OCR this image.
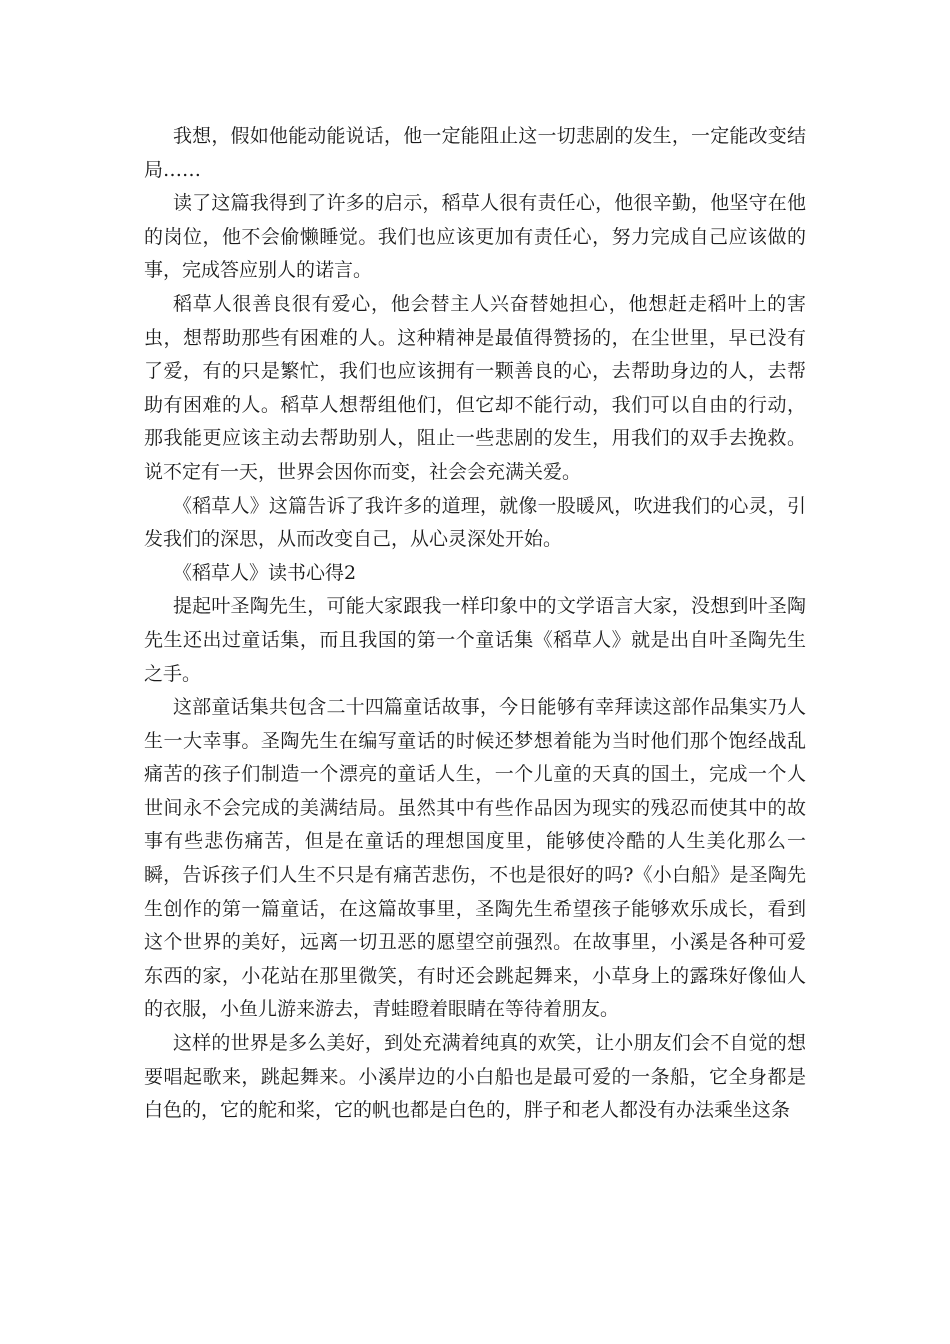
我想，假如他能动能说话，他一定能阻止这一切悲剧的发生，一定能改变结局……

读了这篇我得到了许多的启示，稻草人很有责任心，他很辛勤，他坚守在他的岗位，他不会偷懒睡觉。我们也应该更加有责任心，努力完成自己应该做的事，完成答应别人的诺言。

稻草人很善良很有爱心，他会替主人兴奋替她担心，他想赶走稻叶上的害虫，想帮助那些有困难的人。这种精神是最值得赞扬的，在尘世里，早已没有了爱，有的只是繁忙，我们也应该拥有一颗善良的心，去帮助身边的人，去帮助有困难的人。稻草人想帮组他们，但它却不能行动，我们可以自由的行动，那我能更应该主动去帮助别人，阻止一些悲剧的发生，用我们的双手去挽救。说不定有一天，世界会因你而变，社会会充满关爱。

《稻草人》这篇告诉了我许多的道理，就像一股暖风，吹进我们的心灵，引发我们的深思，从而改变自己，从心灵深处开始。

《稻草人》读书心得2

提起叶圣陶先生，可能大家跟我一样印象中的文学语言大家，没想到叶圣陶先生还出过童话集，而且我国的第一个童话集《稻草人》就是出自叶圣陶先生之手。

这部童话集共包含二十四篇童话故事，今日能够有幸拜读这部作品集实乃人生一大幸事。圣陶先生在编写童话的时候还梦想着能为当时他们那个饱经战乱痛苦的孩子们制造一个漂亮的童话人生，一个儿童的天真的国土，完成一个人世间永不会完成的美满结局。虽然其中有些作品因为现实的残忍而使其中的故事有些悲伤痛苦，但是在童话的理想国度里，能够使冷酷的人生美化那么一瞬，告诉孩子们人生不只是有痛苦悲伤，不也是很好的吗?《小白船》是圣陶先生创作的第一篇童话，在这篇故事里，圣陶先生希望孩子能够欢乐成长，看到这个世界的美好，远离一切丑恶的愿望空前强烈。在故事里，小溪是各种可爱东西的家，小花站在那里微笑，有时还会跳起舞来，小草身上的露珠好像仙人的衣服，小鱼儿游来游去，青蛙瞪着眼睛在等待着朋友。

这样的世界是多么美好，到处充满着纯真的欢笑，让小朋友们会不自觉的想要唱起歌来，跳起舞来。小溪岸边的小白船也是最可爱的一条船，它全身都是白色的，它的舵和桨，它的帆也都是白色的，胖子和老人都没有办法乘坐这条
